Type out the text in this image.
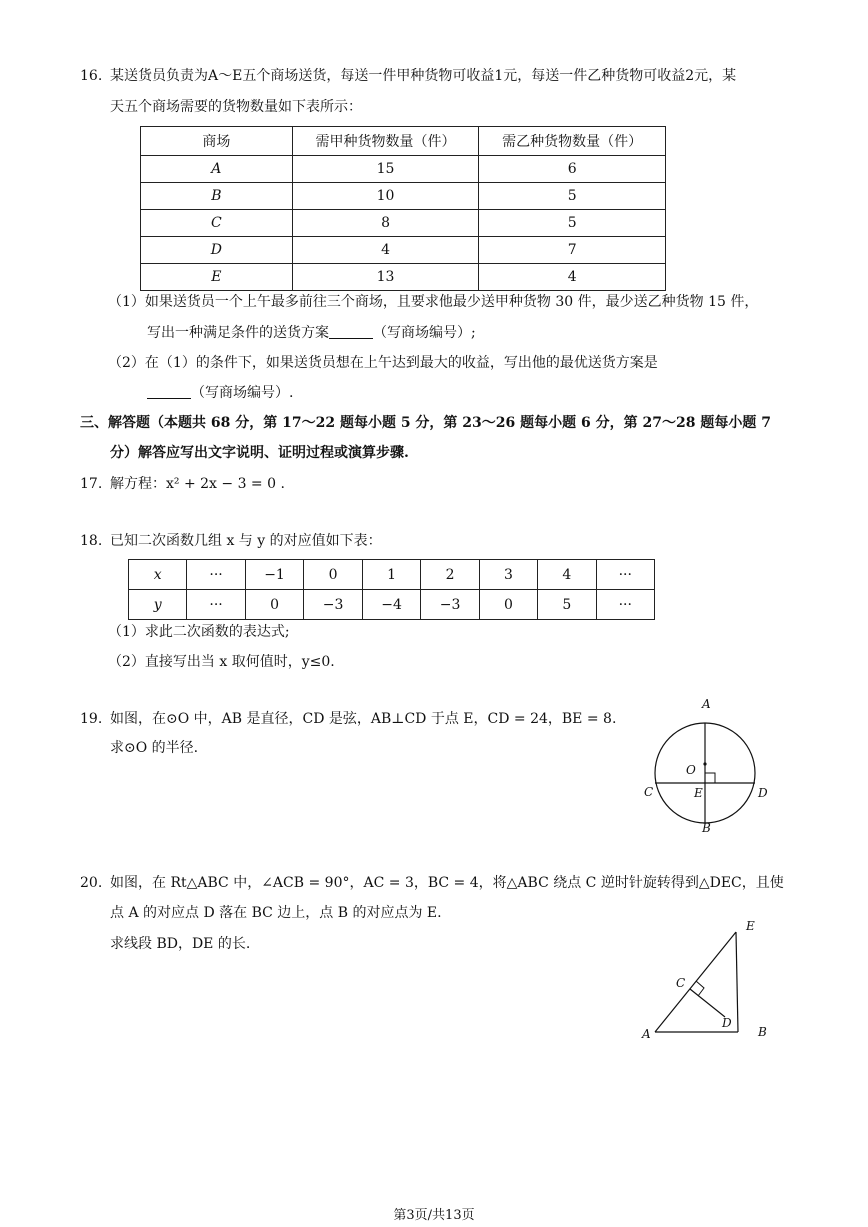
16. 某送货员负责为A～E五个商场送货，每送一件甲种货物可收益1元，每送一件乙种货物可收益2元，某
天五个商场需要的货物数量如下表所示：
商场	需甲种货物数量（件）	需乙种货物数量（件）
A	15	6
B	10	5
C	8	5
D	4	7
E	13	4
（1）如果送货员一个上午最多前往三个商场，且要求他最少送甲种货物 30 件，最少送乙种货物 15 件，
写出一种满足条件的送货方案	（写商场编号）;
（2）在（1）的条件下，如果送货员想在上午达到最大的收益，写出他的最优送货方案是
（写商场编号）.
三、解答题（本题共 68 分，第 17～22 题每小题 5 分，第 23～26 题每小题 6 分，第 27～28 题每小题 7
分）解答应写出文字说明、证明过程或演算步骤.
17. 解方程：x² + 2x − 3 = 0 .
18. 已知二次函数几组 x 与 y 的对应值如下表：
x	···	−1	0	1	2	3	4	···
y	···	0	−3	−4	−3	0	5	···
（1）求此二次函数的表达式;
（2）直接写出当 x 取何值时，y≤0.
19. 如图，在⊙O 中，AB 是直径，CD 是弦，AB⊥CD 于点 E，CD = 24，BE = 8.
求⊙O 的半径.
A
B
C	D
E
O
20. 如图，在 Rt△ABC 中，∠ACB = 90°，AC = 3，BC = 4，将△ABC 绕点 C 逆时针旋转得到△DEC，且使
点 A 的对应点 D 落在 BC 边上，点 B 的对应点为 E.
求线段 BD，DE 的长.
E
C
D
A	B
第3页/共13页
